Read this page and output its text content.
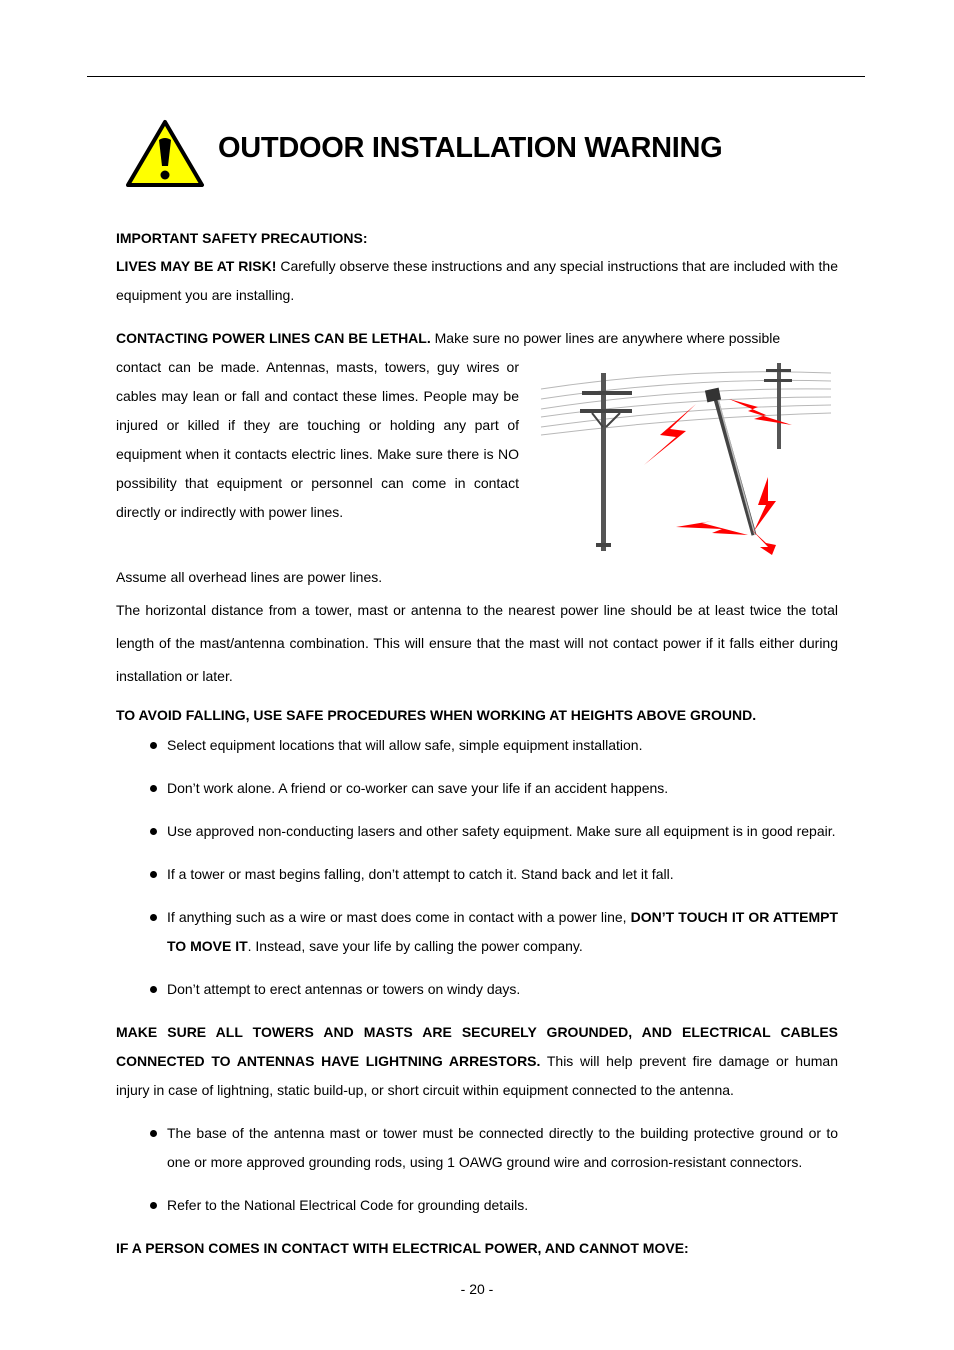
OUTDOOR INSTALLATION WARNING
IMPORTANT SAFETY PRECAUTIONS:

LIVES MAY BE AT RISK! Carefully observe these instructions and any special instructions that are included with the equipment you are installing.

CONTACTING POWER LINES CAN BE LETHAL. Make sure no power lines are anywhere where possible

contact can be made. Antennas, masts, towers, guy wires or cables may lean or fall and contact these limes. People may be injured or killed if they are touching or holding any part of equipment when it contacts electric lines. Make sure there is NO possibility that equipment or personnel can come in contact directly or indirectly with power lines.

Assume all overhead lines are power lines.

The horizontal distance from a tower, mast or antenna to the nearest power line should be at least twice the total length of the mast/antenna combination. This will ensure that the mast will not contact power if it falls either during installation or later.

TO AVOID FALLING, USE SAFE PROCEDURES WHEN WORKING AT HEIGHTS ABOVE GROUND.
Select equipment locations that will allow safe, simple equipment installation.
Don’t work alone. A friend or co-worker can save your life if an accident happens.
Use approved non-conducting lasers and other safety equipment. Make sure all equipment is in good repair.
If a tower or mast begins falling, don’t attempt to catch it. Stand back and let it fall.
If anything such as a wire or mast does come in contact with a power line, DON’T TOUCH IT OR ATTEMPT TO MOVE IT. Instead, save your life by calling the power company.
Don’t attempt to erect antennas or towers on windy days.

MAKE SURE ALL TOWERS AND MASTS ARE SECURELY GROUNDED, AND ELECTRICAL CABLES CONNECTED TO ANTENNAS HAVE LIGHTNING ARRESTORS. This will help prevent fire damage or human injury in case of lightning, static build-up, or short circuit within equipment connected to the antenna.

The base of the antenna mast or tower must be connected directly to the building protective ground or to one or more approved grounding rods, using 1 OAWG ground wire and corrosion-resistant connectors.
Refer to the National Electrical Code for grounding details.
IF A PERSON COMES IN CONTACT WITH ELECTRICAL POWER, AND CANNOT MOVE:
- 20 -
